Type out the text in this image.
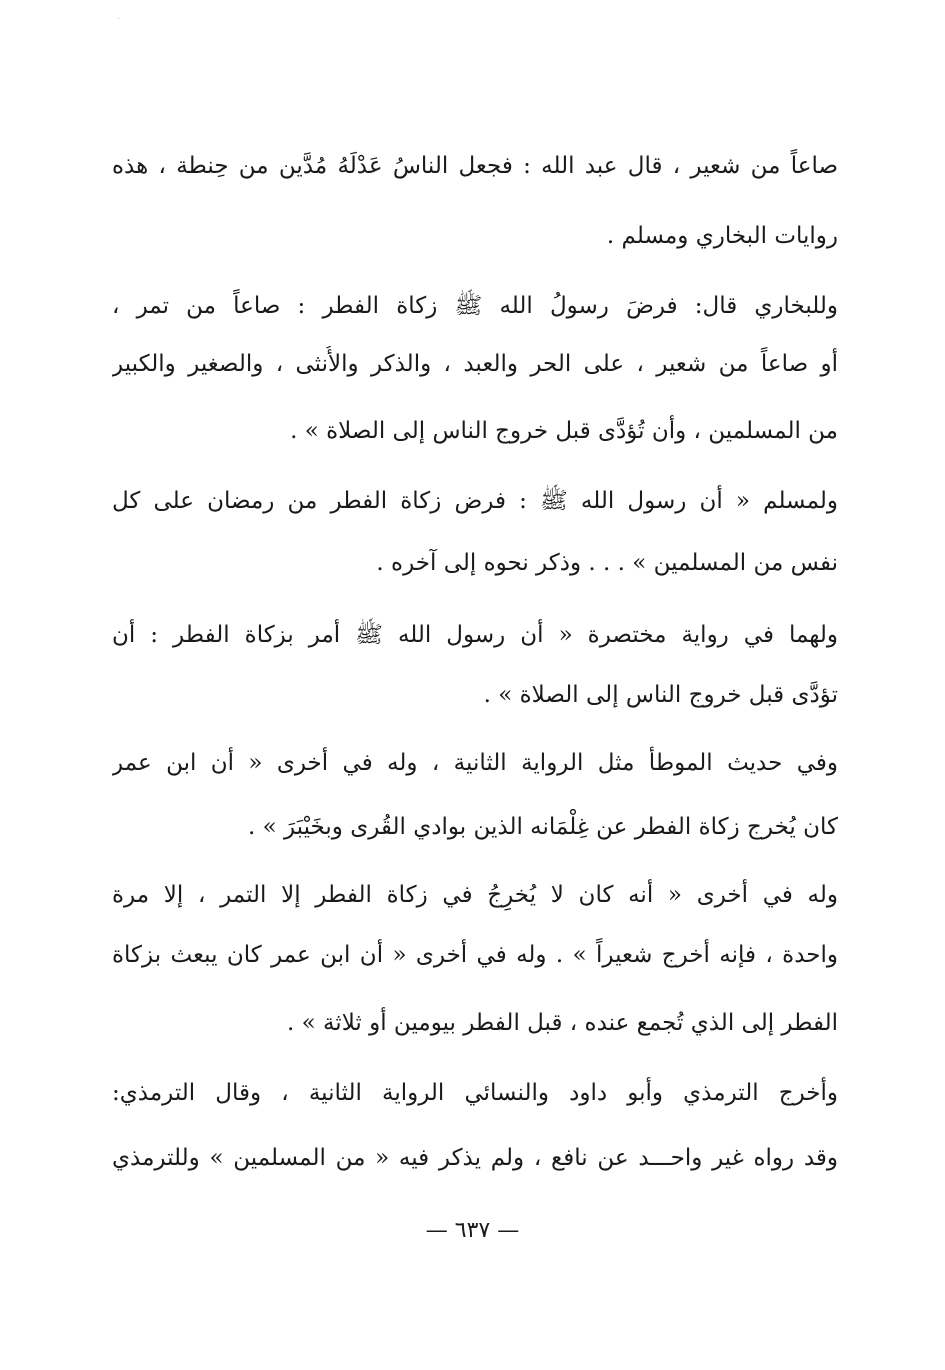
صاعاً من شعير ، قال عبد الله : فجعل الناسُ عَدْلَهُ مُدَّين من حِنطة ، هذه
روايات البخاري ومسلم .
وللبخاري قال: فرضَ رسولُ الله ﷺ زكاة الفطر : صاعاً من تمر ،
أو صاعاً من شعير ، على الحر والعبد ، والذكر والأُنثى ، والصغير والكبير
من المسلمين ، وأن تُؤدَّى قبل خروج الناس إلى الصلاة » .
ولمسلم « أن رسول الله ﷺ : فرض زكاة الفطر من رمضان على كل
نفس من المسلمين » . . . وذكر نحوه إلى آخره .
ولهما في رواية مختصرة « أن رسول الله ﷺ أمر بزكاة الفطر : أن
تؤدَّى قبل خروج الناس إلى الصلاة » .
وفي حديث الموطأ مثل الرواية الثانية ، وله في أخرى « أن ابن عمر
كان يُخرج زكاة الفطر عن غِلْمَانه الذين بوادي القُرى وبخَيْبَرَ » .
وله في أخرى « أنه كان لا يُخرِجُ في زكاة الفطر إلا التمر ، إلا مرة
واحدة ، فإنه أخرج شعيراً » . وله في أخرى « أن ابن عمر كان يبعث بزكاة
الفطر إلى الذي تُجمع عنده ، قبل الفطر بيومين أو ثلاثة » .
وأخرج الترمذي وأبو داود والنسائي الرواية الثانية ، وقال الترمذي:
وقد رواه غير واحـــد عن نافع ، ولم يذكر فيه « من المسلمين » وللترمذي
— ٦٣٧ —
